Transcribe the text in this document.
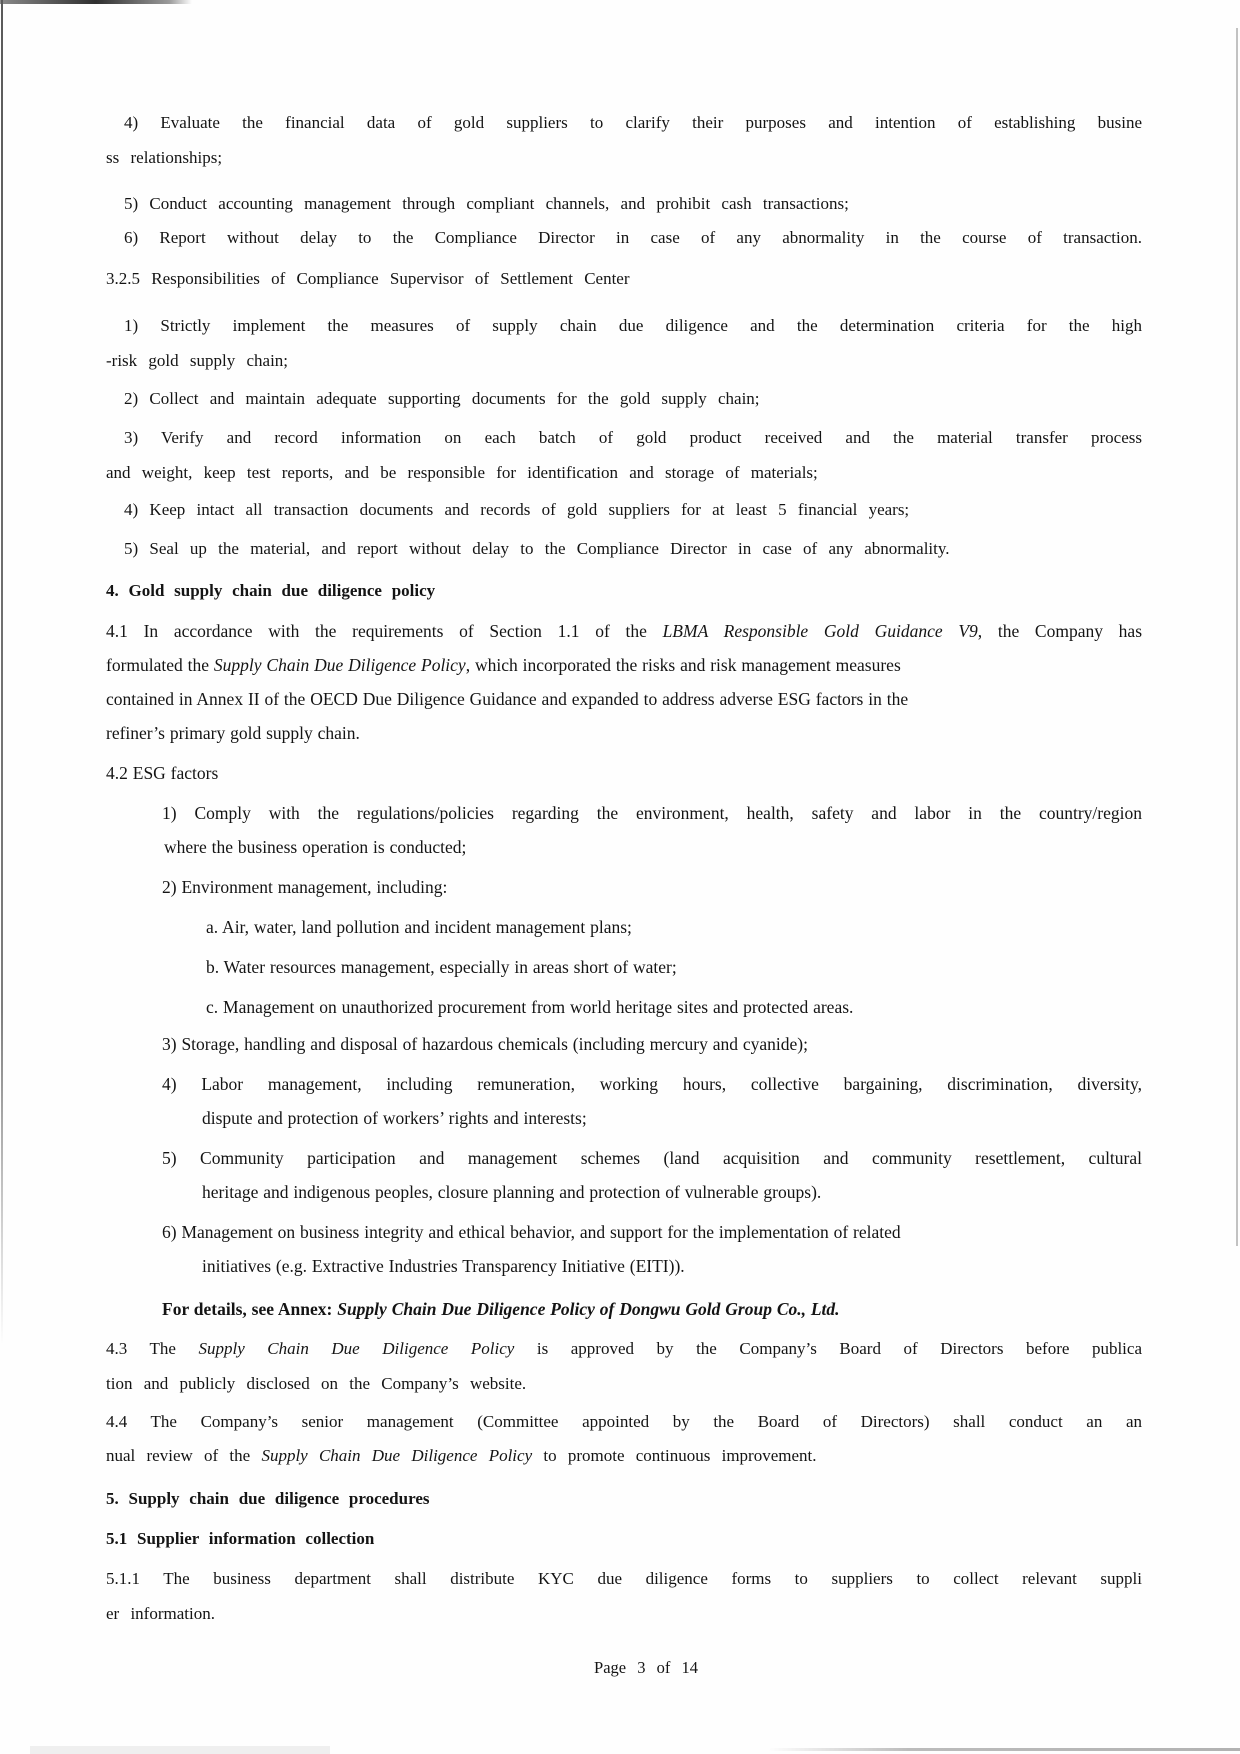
4) Evaluate the financial data of gold suppliers to clarify their purposes and intention of establishing busine
ss relationships;
5) Conduct accounting management through compliant channels, and prohibit cash transactions;
6) Report without delay to the Compliance Director in case of any abnormality in the course of transaction.
3.2.5 Responsibilities of Compliance Supervisor of Settlement Center
1) Strictly implement the measures of supply chain due diligence and the determination criteria for the high
-risk gold supply chain;
2) Collect and maintain adequate supporting documents for the gold supply chain;
3) Verify and record information on each batch of gold product received and the material transfer process
and weight, keep test reports, and be responsible for identification and storage of materials;
4) Keep intact all transaction documents and records of gold suppliers for at least 5 financial years;
5) Seal up the material, and report without delay to the Compliance Director in case of any abnormality.
4. Gold supply chain due diligence policy
4.1 In accordance with the requirements of Section 1.1 of the LBMA Responsible Gold Guidance V9, the Company has
formulated the Supply Chain Due Diligence Policy, which incorporated the risks and risk management measures
contained in Annex II of the OECD Due Diligence Guidance and expanded to address adverse ESG factors in the
refiner’s primary gold supply chain.
4.2 ESG factors
1) Comply with the regulations/policies regarding the environment, health, safety and labor in the country/region
where the business operation is conducted;
2) Environment management, including:
a. Air, water, land pollution and incident management plans;
b. Water resources management, especially in areas short of water;
c. Management on unauthorized procurement from world heritage sites and protected areas.
3) Storage, handling and disposal of hazardous chemicals (including mercury and cyanide);
4) Labor management, including remuneration, working hours, collective bargaining, discrimination, diversity,
dispute and protection of workers’ rights and interests;
5) Community participation and management schemes (land acquisition and community resettlement, cultural
heritage and indigenous peoples, closure planning and protection of vulnerable groups).
6) Management on business integrity and ethical behavior, and support for the implementation of related
initiatives (e.g. Extractive Industries Transparency Initiative (EITI)).
For details, see Annex: Supply Chain Due Diligence Policy of Dongwu Gold Group Co., Ltd.
4.3 The Supply Chain Due Diligence Policy is approved by the Company’s Board of Directors before publica
tion and publicly disclosed on the Company’s website.
4.4 The Company’s senior management (Committee appointed by the Board of Directors) shall conduct an an
nual review of the Supply Chain Due Diligence Policy to promote continuous improvement.
5. Supply chain due diligence procedures
5.1 Supplier information collection
5.1.1 The business department shall distribute KYC due diligence forms to suppliers to collect relevant suppli
er information.
Page 3 of 14
